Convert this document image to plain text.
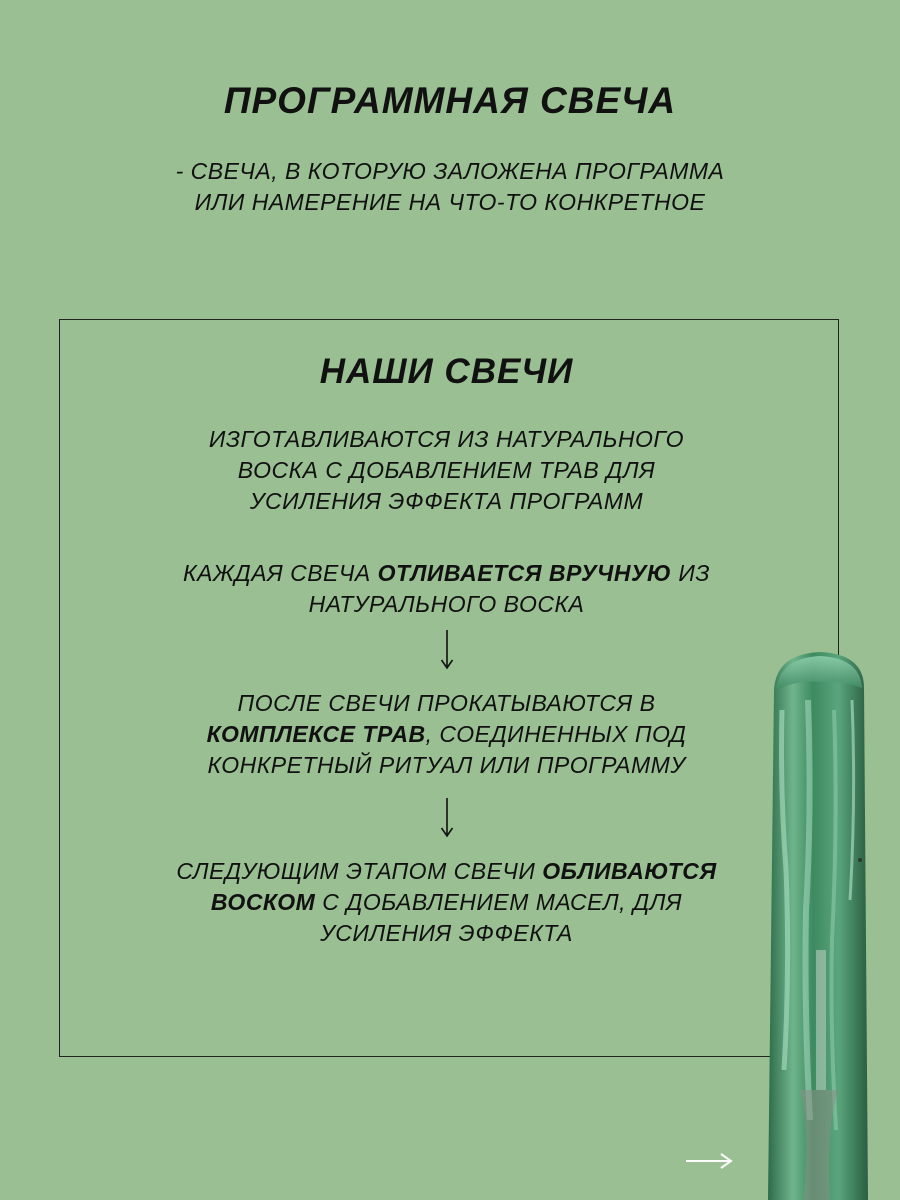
ПРОГРАММНАЯ СВЕЧА

- СВЕЧА, В КОТОРУЮ ЗАЛОЖЕНА ПРОГРАММА
ИЛИ НАМЕРЕНИЕ НА ЧТО-ТО КОНКРЕТНОЕ

НАШИ СВЕЧИ

ИЗГОТАВЛИВАЮТСЯ ИЗ НАТУРАЛЬНОГО
ВОСКА С ДОБАВЛЕНИЕМ ТРАВ ДЛЯ
УСИЛЕНИЯ ЭФФЕКТА ПРОГРАММ

КАЖДАЯ СВЕЧА ОТЛИВАЕТСЯ ВРУЧНУЮ ИЗ
НАТУРАЛЬНОГО ВОСКА

ПОСЛЕ СВЕЧИ ПРОКАТЫВАЮТСЯ В
КОМПЛЕКСЕ ТРАВ, СОЕДИНЕННЫХ ПОД
КОНКРЕТНЫЙ РИТУАЛ ИЛИ ПРОГРАММУ

СЛЕДУЮЩИМ ЭТАПОМ СВЕЧИ ОБЛИВАЮТСЯ
ВОСКОМ С ДОБАВЛЕНИЕМ МАСЕЛ, ДЛЯ
УСИЛЕНИЯ ЭФФЕКТА
